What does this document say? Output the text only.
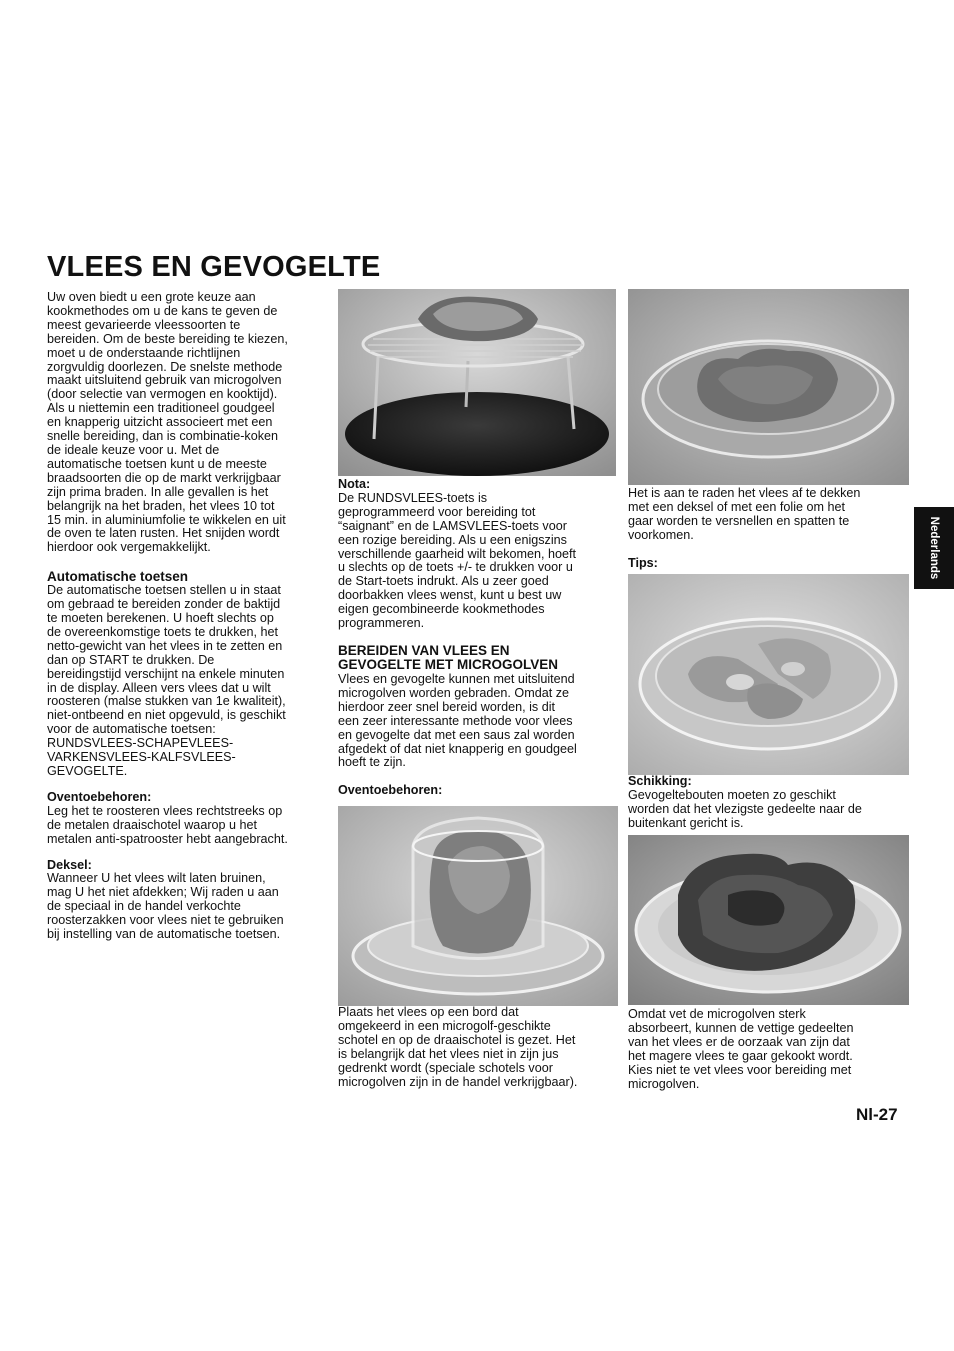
VLEES EN GEVOGELTE

Uw oven biedt u een grote keuze aan
kookmethodes om u de kans te geven de
meest gevarieerde vleessoorten te
bereiden. Om de beste bereiding te kiezen,
moet u de onderstaande richtlijnen
zorgvuldig doorlezen. De snelste methode
maakt uitsluitend gebruik van microgolven
(door selectie van vermogen en kooktijd).
Als u niettemin een traditioneel goudgeel
en knapperig uitzicht associeert met een
snelle bereiding, dan is combinatie-koken
de ideale keuze voor u. Met de
automatische toetsen kunt u de meeste
braadsoorten die op de markt verkrijgbaar
zijn prima braden. In alle gevallen is het
belangrijk na het braden, het vlees 10 tot
15 min. in aluminiumfolie te wikkelen en uit
de oven te laten rusten. Het snijden wordt
hierdoor ook vergemakkelijkt.

Automatische toetsen

De automatische toetsen stellen u in staat
om gebraad te bereiden zonder de baktijd
te moeten berekenen. U hoeft slechts op
de overeenkomstige toets te drukken, het
netto-gewicht van het vlees in te zetten en
dan op START te drukken. De
bereidingstijd verschijnt na enkele minuten
in de display. Alleen vers vlees dat u wilt
roosteren (malse stukken van 1e kwaliteit),
niet-ontbeend en niet opgevuld, is geschikt
voor de automatische toetsen:
RUNDSVLEES-SCHAPEVLEES-
VARKENSVLEES-KALFSVLEES-
GEVOGELTE.

Oventoebehoren:

Leg het te roosteren vlees rechtstreeks op
de metalen draaischotel waarop u het
metalen anti-spatrooster hebt aangebracht.

Deksel:

Wanneer U het vlees wilt laten bruinen,
mag U het niet afdekken; Wij raden u aan
de speciaal in de handel verkochte
roosterzakken voor vlees niet te gebruiken
bij instelling van de automatische toetsen.

Nota:

De RUNDSVLEES-toets is
geprogrammeerd voor bereiding tot
“saignant” en de LAMSVLEES-toets voor
een rozige bereiding. Als u een enigszins
verschillende gaarheid wilt bekomen, hoeft
u slechts op de toets +/- te drukken voor u
de Start-toets indrukt. Als u zeer goed
doorbakken vlees wenst, kunt u best uw
eigen gecombineerde kookmethodes
programmeren.

BEREIDEN VAN VLEES EN
GEVOGELTE MET MICROGOLVEN

Vlees en gevogelte kunnen met uitsluitend
microgolven worden gebraden. Omdat ze
hierdoor zeer snel bereid worden, is dit
een zeer interessante methode voor vlees
en gevogelte dat met een saus zal worden
afgedekt of dat niet knapperig en goudgeel
hoeft te zijn.

Oventoebehoren:

Plaats het vlees op een bord dat
omgekeerd in een microgolf-geschikte
schotel en op de draaischotel is gezet. Het
is belangrijk dat het vlees niet in zijn jus
gedrenkt wordt (speciale schotels voor
microgolven zijn in de handel verkrijgbaar).

Het is aan te raden het vlees af te dekken
met een deksel of met een folie om het
gaar worden te versnellen en spatten te
voorkomen.

Tips:

Schikking:

Gevogeltebouten moeten zo geschikt
worden dat het vlezigste gedeelte naar de
buitenkant gericht is.

Omdat vet de microgolven sterk
absorbeert, kunnen de vettige gedeelten
van het vlees er de oorzaak van zijn dat
het magere vlees te gaar gekookt wordt.
Kies niet te vet vlees voor bereiding met
microgolven.

Nederlands
Nl-27
